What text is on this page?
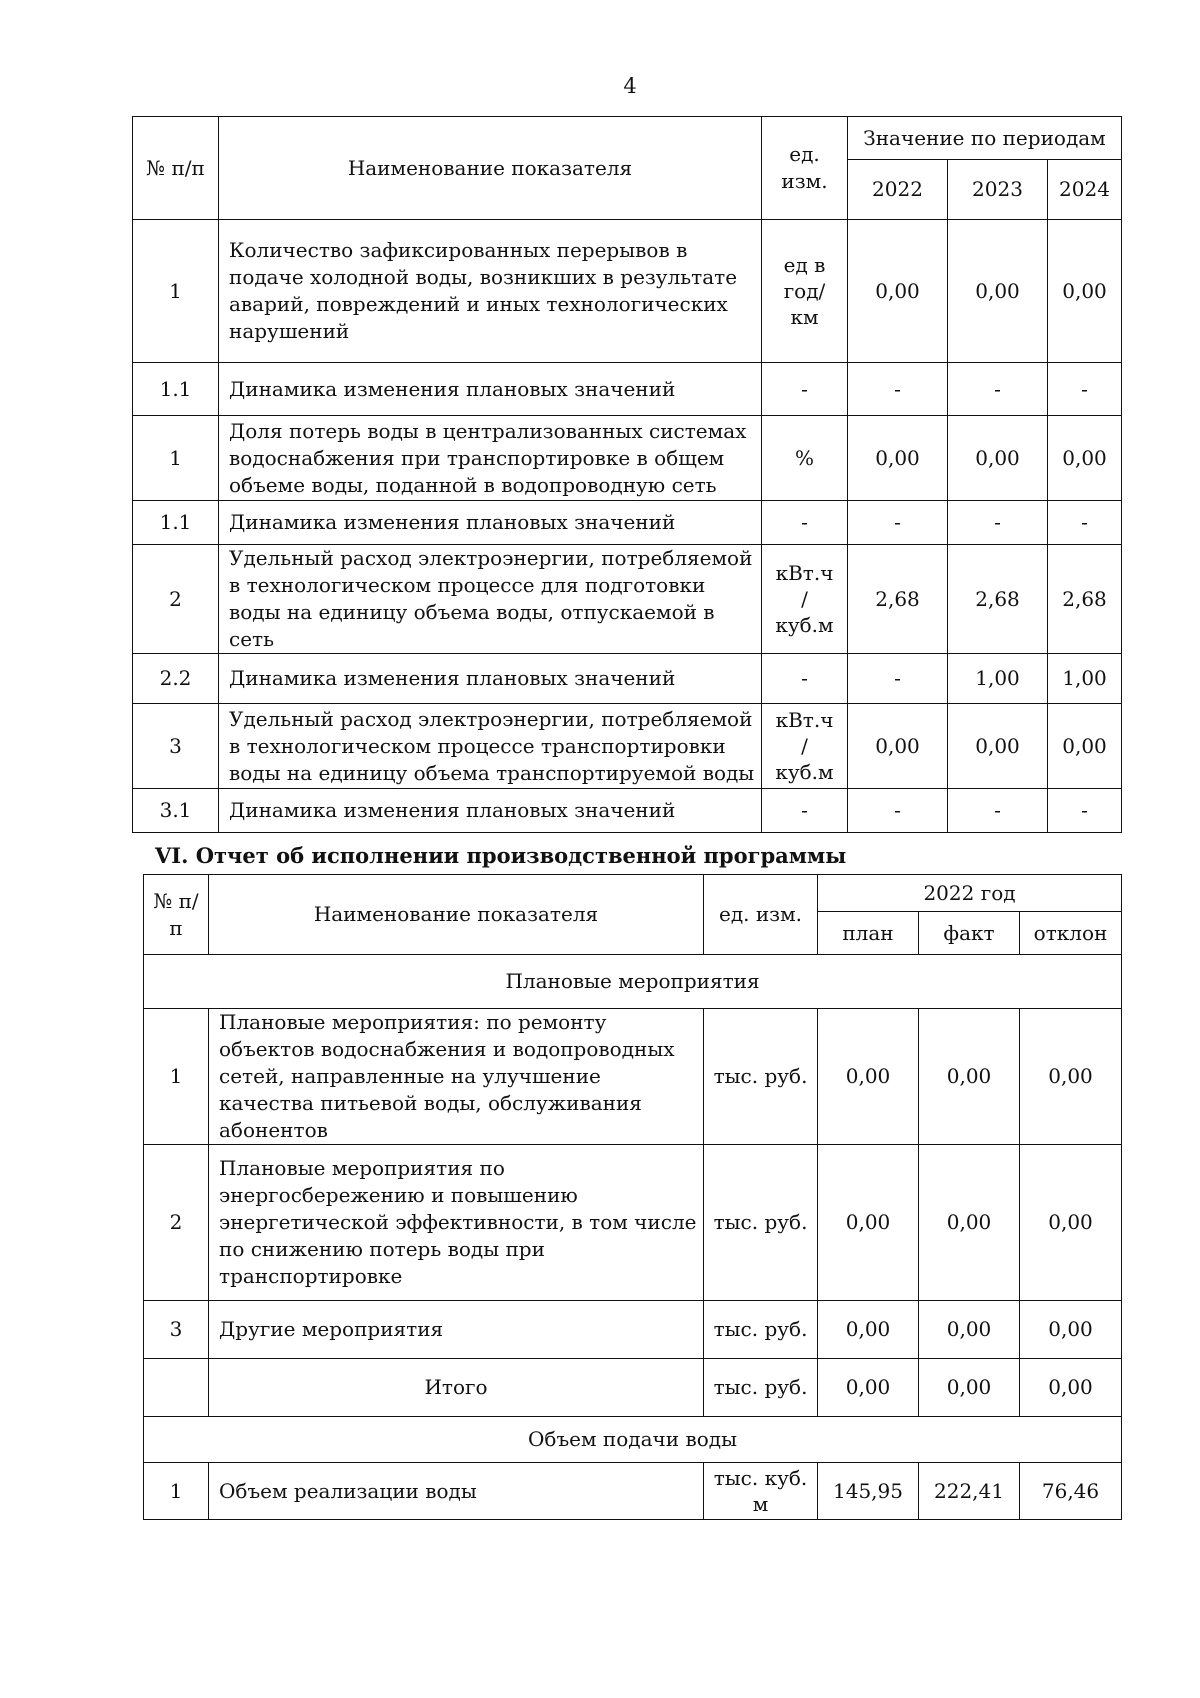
4
№ п/п	Наименование показателя	ед. изм.	Значение по периодам		
			2022	2023	2024
1	Количество зафиксированных перерывов в подаче холодной воды, возникших в результате аварий, повреждений и иных технологических нарушений	ед в год/ км	0,00	0,00	0,00
1.1	Динамика изменения плановых значений	-	-	-	-
1	Доля потерь воды в централизованных системах водоснабжения при транспортировке в общем объеме воды, поданной в водопроводную сеть	%	0,00	0,00	0,00
1.1	Динамика изменения плановых значений	-	-	-	-
2	Удельный расход электроэнергии, потребляемой в технологическом процессе для подготовки воды на единицу объема воды, отпускаемой в сеть	кВт.ч / куб.м	2,68	2,68	2,68
2.2	Динамика изменения плановых значений	-	-	1,00	1,00
3	Удельный расход электроэнергии, потребляемой в технологическом процессе транспортировки воды на единицу объема транспортируемой воды	кВт.ч / куб.м	0,00	0,00	0,00
3.1	Динамика изменения плановых значений	-	-	-	-
VI. Отчет об исполнении производственной программы
№ п/п	Наименование показателя	ед. изм.	2022 год		
			план	факт	отклон
Плановые мероприятия					
1	Плановые мероприятия: по ремонту объектов водоснабжения и водопроводных сетей, направленные на улучшение качества питьевой воды, обслуживания абонентов	тыс. руб.	0,00	0,00	0,00
2	Плановые мероприятия по энергосбережению и повышению энергетической эффективности, в том числе по снижению потерь воды при транспортировке	тыс. руб.	0,00	0,00	0,00
3	Другие мероприятия	тыс. руб.	0,00	0,00	0,00
	Итого	тыс. руб.	0,00	0,00	0,00
Объем подачи воды					
1	Объем реализации воды	тыс. куб. м	145,95	222,41	76,46
